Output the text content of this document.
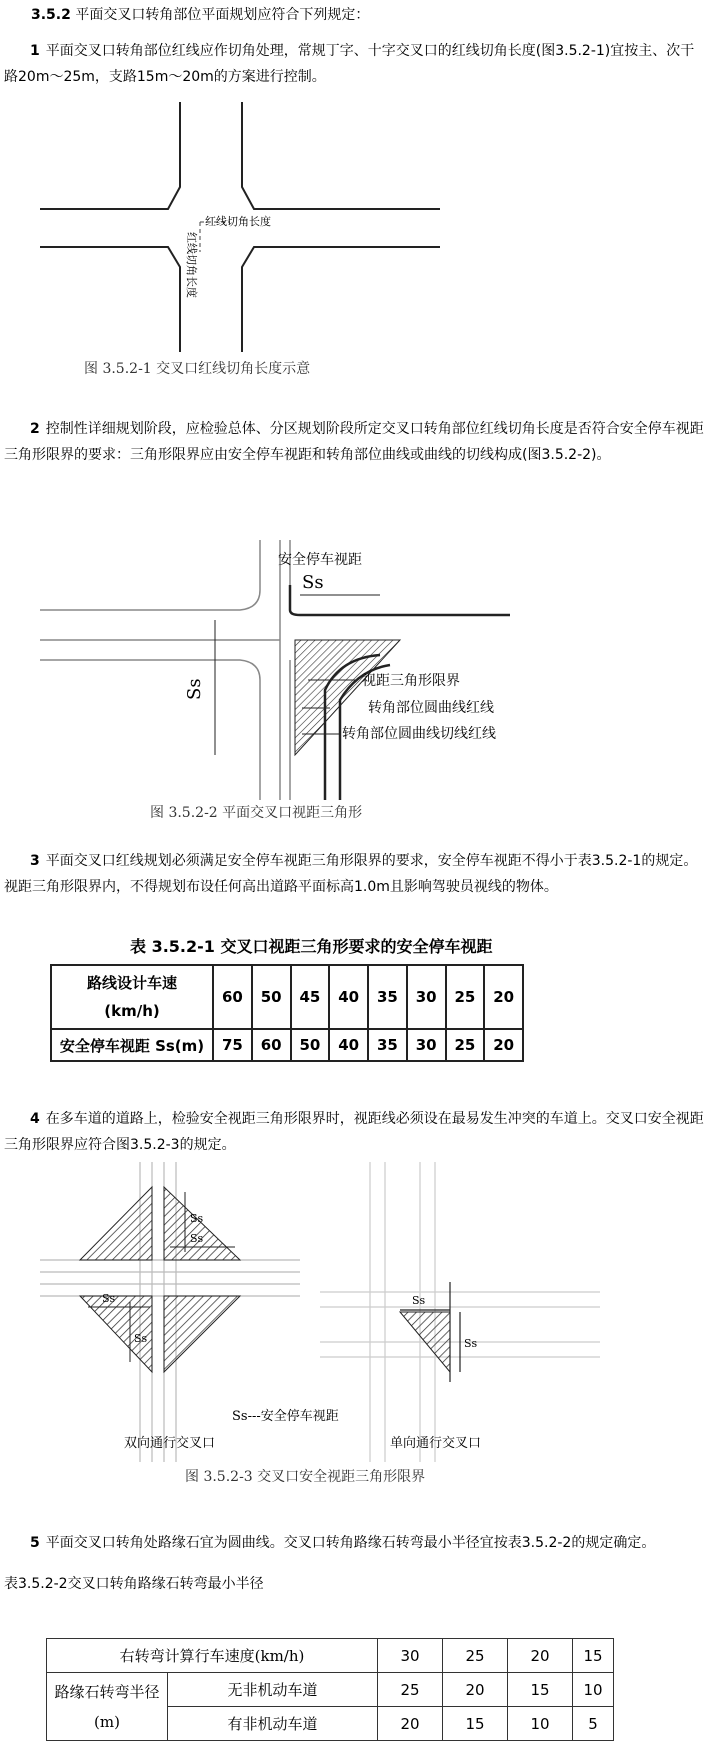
3.5.2 平面交叉口转角部位平面规划应符合下列规定：
1 平面交叉口转角部位红线应作切角处理，常规丁字、十字交叉口的红线切角长度(图3.5.2-1)宜按主、次干路20m～25m，支路15m～20m的方案进行控制。
红线切角长度
红线切角长度
图 3.5.2-1 交叉口红线切角长度示意
2 控制性详细规划阶段，应检验总体、分区规划阶段所定交叉口转角部位红线切角长度是否符合安全停车视距三角形限界的要求：三角形限界应由安全停车视距和转角部位曲线或曲线的切线构成(图3.5.2-2)。
安全停车视距
Ss
Ss	视距三角形限界
转角部位圆曲线红线
转角部位圆曲线切线红线
图 3.5.2-2 平面交叉口视距三角形
3 平面交叉口红线规划必须满足安全停车视距三角形限界的要求，安全停车视距不得小于表3.5.2-1的规定。视距三角形限界内，不得规划布设任何高出道路平面标高1.0m且影响驾驶员视线的物体。
表 3.5.2-1 交叉口视距三角形要求的安全停车视距
路线设计车速
(km/h)	60	50	45	40	35	30	25	20
安全停车视距 Ss(m)	75	60	50	40	35	30	25	20
4 在多车道的道路上，检验安全视距三角形限界时，视距线必须设在最易发生冲突的车道上。交叉口安全视距三角形限界应符合图3.5.2-3的规定。
Ss
Ss
Ss
Ss
Ss
Ss
Ss---安全停车视距
双向通行交叉口	单向通行交叉口
图 3.5.2-3 交叉口安全视距三角形限界
5 平面交叉口转角处路缘石宜为圆曲线。交叉口转角路缘石转弯最小半径宜按表3.5.2-2的规定确定。
表3.5.2-2交叉口转角路缘石转弯最小半径
右转弯计算行车速度(km/h)		30	25	20	15

路缘石转弯半径
(m)	无非机动车道	25	20	15	10
	有非机动车道	20	15	10	5
